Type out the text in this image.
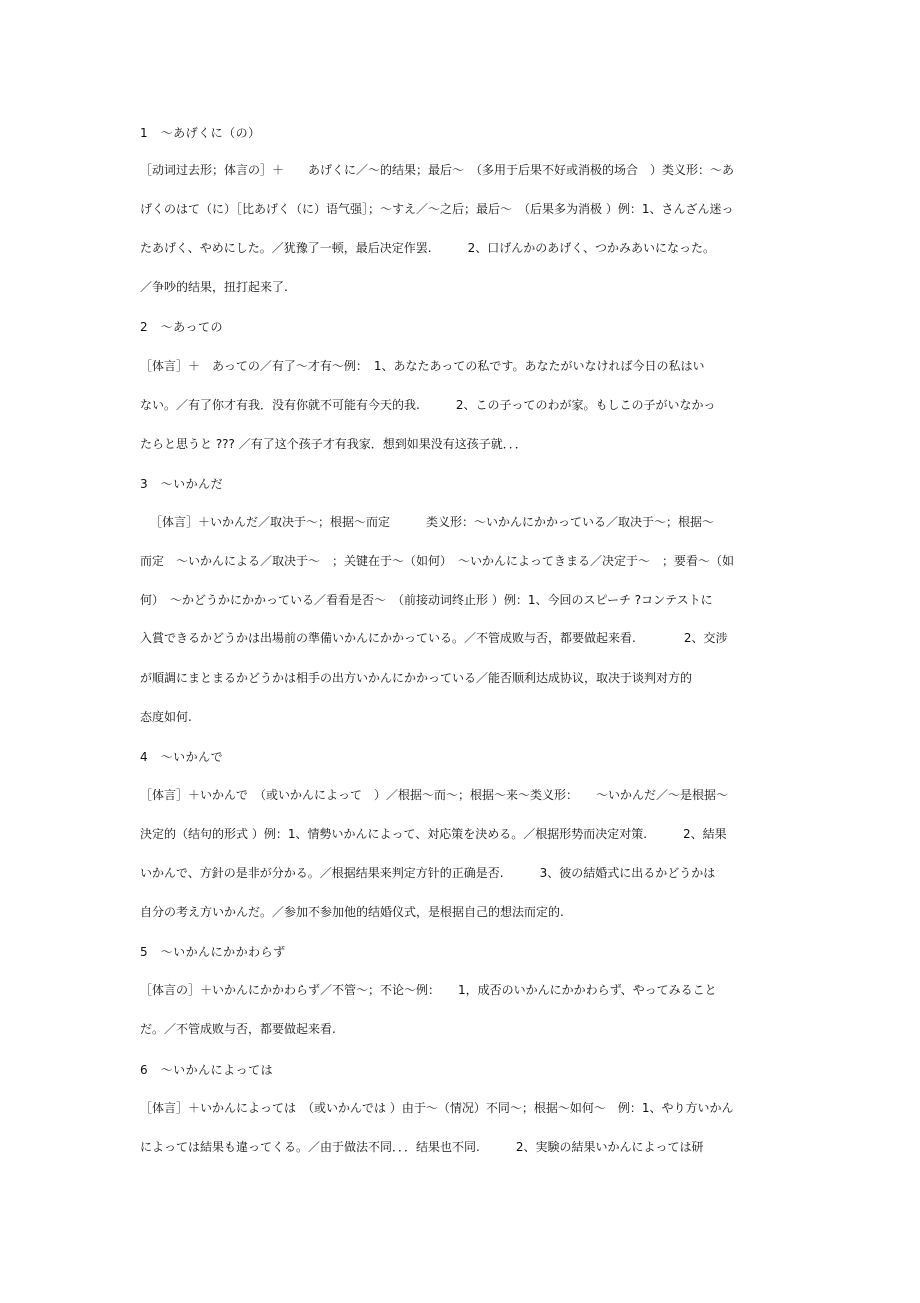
1　～あげくに（の）
［动词过去形；体言の］＋　　あげくに／～的结果；最后～　（多用于后果不好或消极的场合　）类义形：～あ
げくのはて（に）［比あげく（に）语气强］；～すえ／～之后；最后～　（后果多为消极 ）例：1、さんざん迷っ
たあげく、やめにした。／犹豫了一顿，最后决定作罢.　　　2、口げんかのあげく、つかみあいになった。
／争吵的结果，扭打起来了.
2　～あっての
［体言］＋　あっての／有了～才有～例：　1、あなたあっての私です。あなたがいなければ今日の私はい
ない。／有了你才有我．没有你就不可能有今天的我.　　　2、この子ってのわが家。もしこの子がいなかっ
たらと思うと ??? ／有了这个孩子才有我家．想到如果没有这孩子就．．．
3　～いかんだ
［体言］＋いかんだ／取决于～；根据～而定　　　类义形：～いかんにかかっている／取决于～；根据～
而定　～いかんによる／取决于～　；关键在于～（如何）　～いかんによってきまる／决定于～　；要看～（如
何）　～かどうかにかかっている／看看是否～　（前接动词终止形 ）例：1、今回のスピーチ ?コンテストに
入賞できるかどうかは出場前の準備いかんにかかっている。／不管成败与否，都要做起来看.　　　　2、交涉
が順調にまとまるかどうかは相手の出方いかんにかかっている／能否顺利达成协议，取决于谈判对方的
态度如何.
4　～いかんで
［体言］＋いかんで　（或いかんによって　）／根据～而～；根据～来～类义形：　　～いかんだ／～是根据～
決定的（结句的形式 ）例：1、情勢いかんによって、対応策を決める。／根据形势而决定对策.　　　2、結果
いかんで、方針の是非が分かる。／根据结果来判定方针的正确是否.　　　3、彼の結婚式に出るかどうかは
自分の考え方いかんだ。／参加不参加他的结婚仪式，是根据自己的想法而定的.
5　～いかんにかかわらず
［体言の］＋いかんにかかわらず／不管～；不论～例：　　1，成否のいかんにかかわらず、やってみること
だ。／不管成败与否，都要做起来看.
6　～いかんによっては
［体言］＋いかんによっては　（或いかんでは ）由于～（情况）不同～；根据～如何～　例：1、やり方いかん
によっては結果も違ってくる。／由于做法不同．．．结果也不同.　　　2、実験の結果いかんによっては研
